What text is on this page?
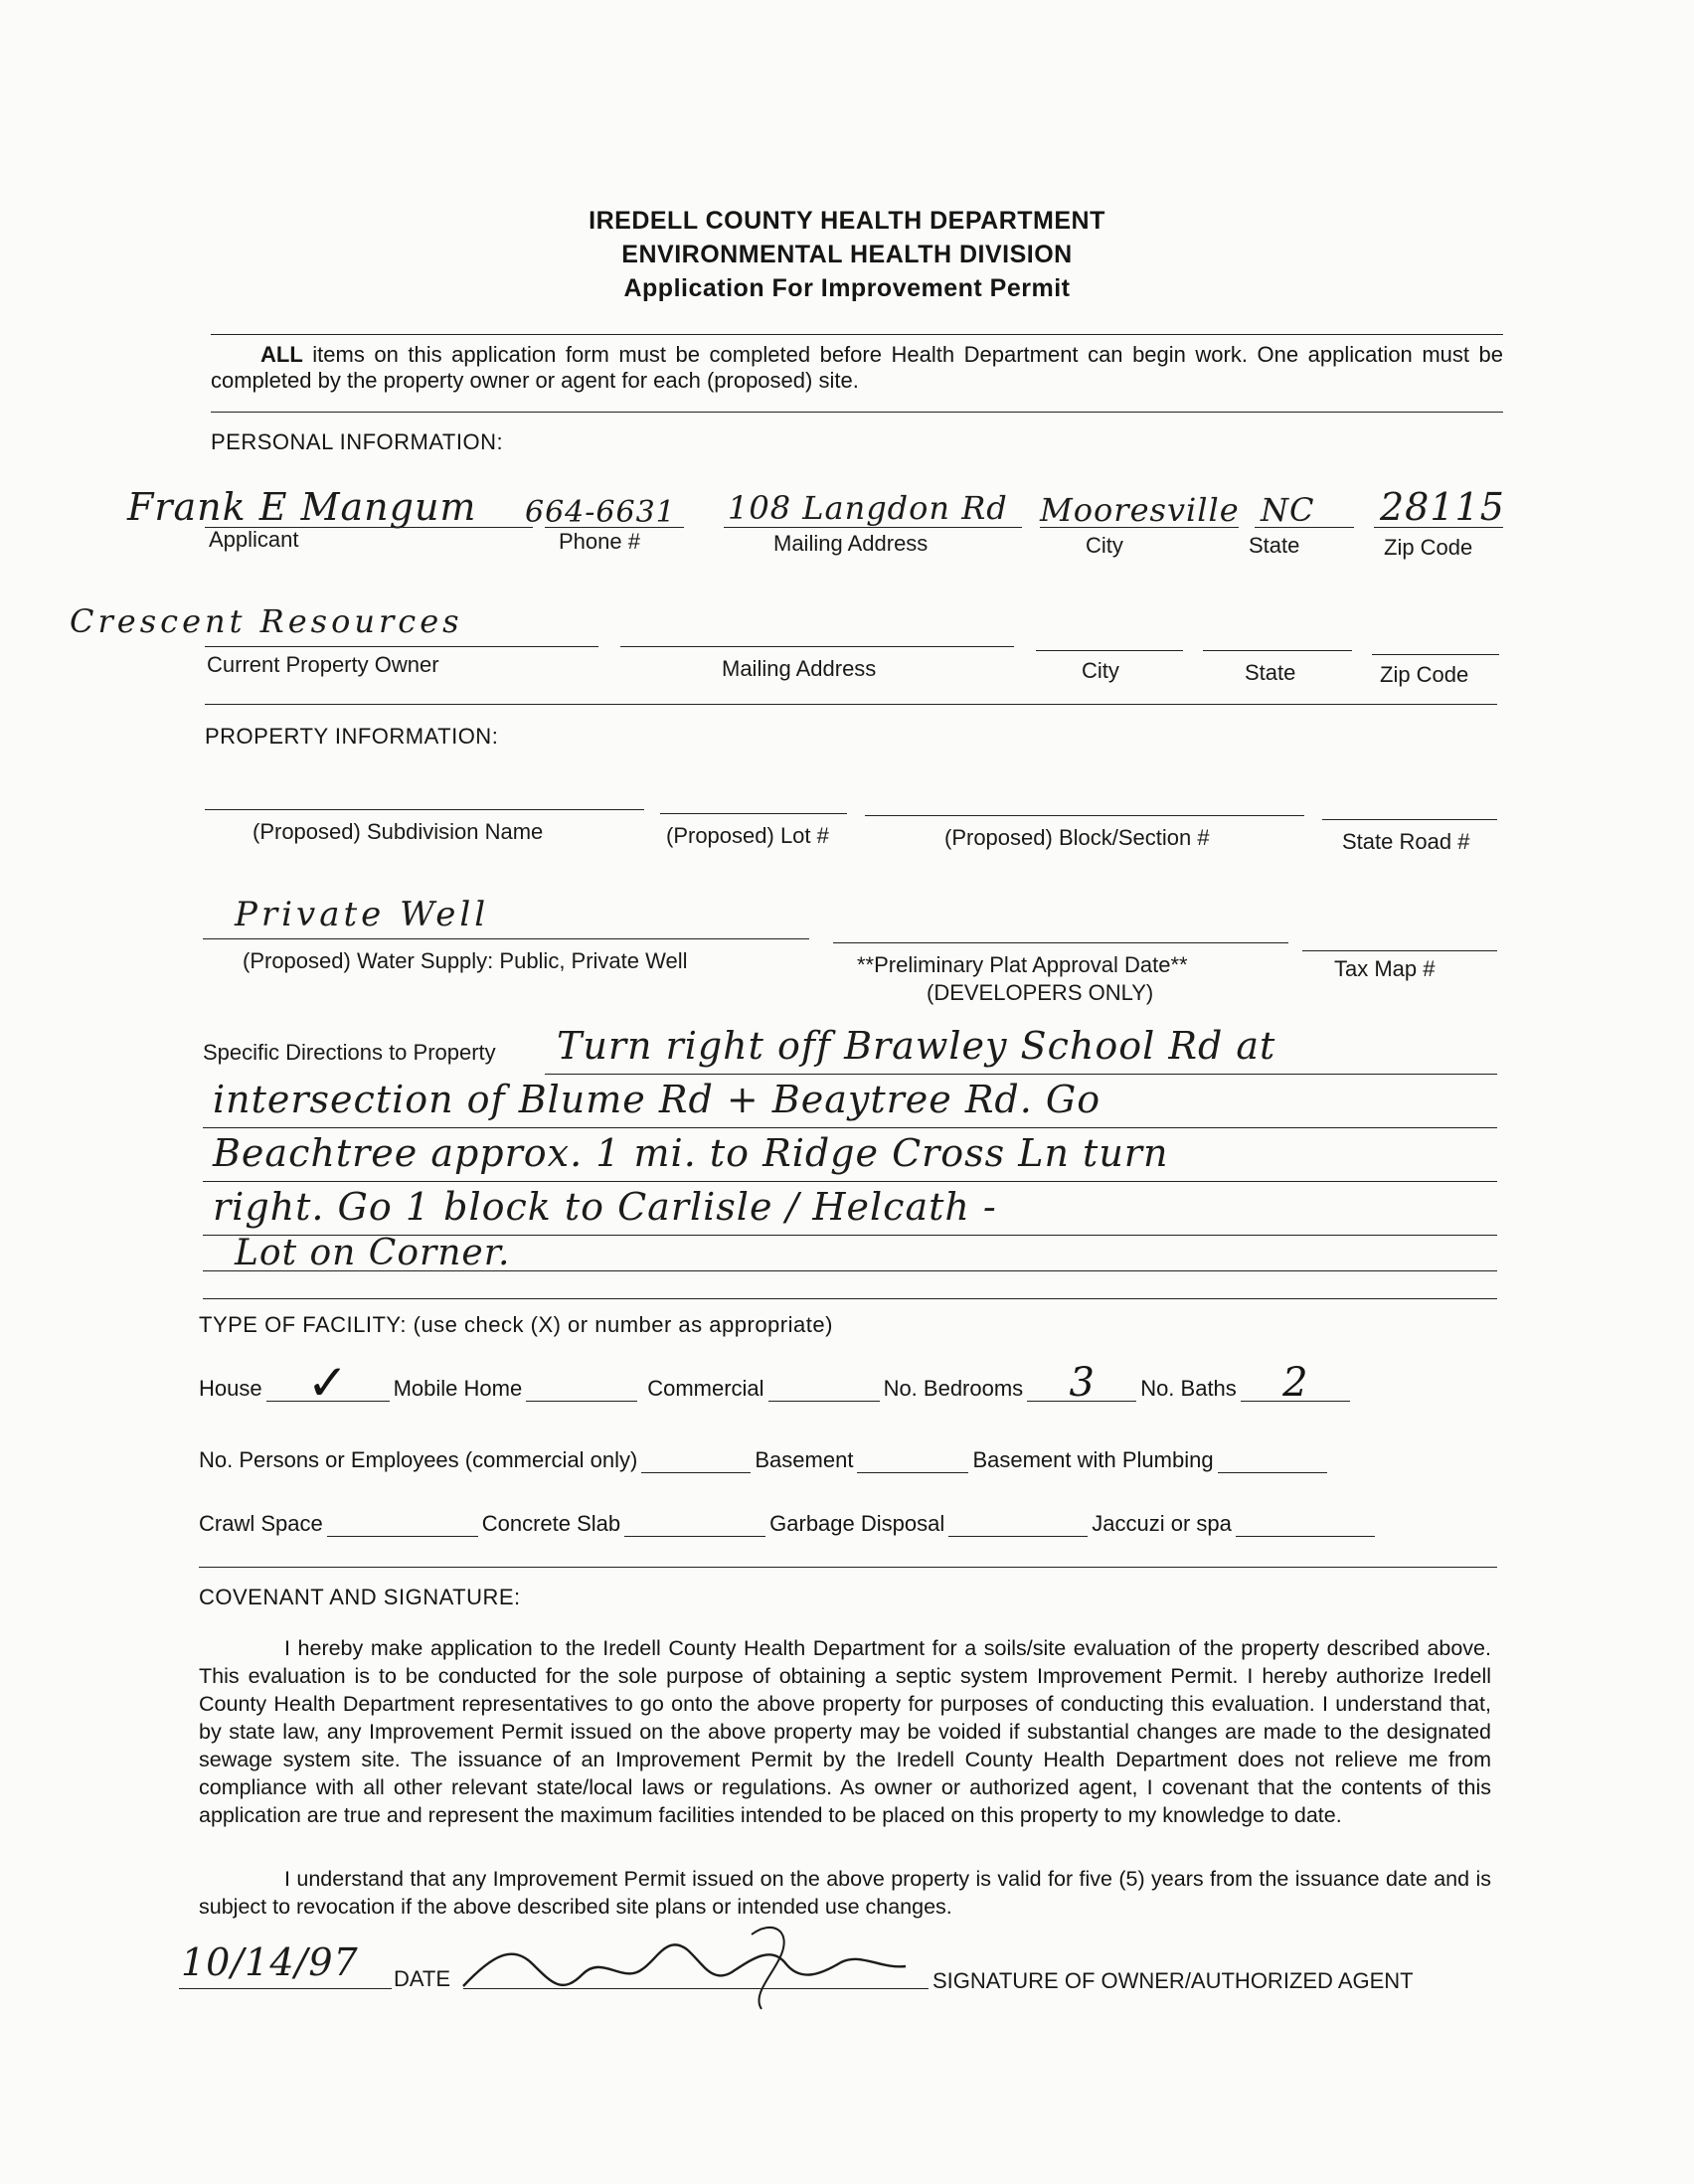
IREDELL COUNTY HEALTH DEPARTMENT
ENVIRONMENTAL HEALTH DIVISION
Application For Improvement Permit
ALL items on this application form must be completed before Health Department can begin work. One application must be completed by the property owner or agent for each (proposed) site.
PERSONAL INFORMATION:
Frank E Mangum 664-6631 108 Langdon Rd Mooresville NC 28115
Applicant	Phone #	Mailing Address	City	State	Zip Code
Crescent Resources
Current Property Owner	Mailing Address	City	State	Zip Code
PROPERTY INFORMATION:
(Proposed) Subdivision Name	(Proposed) Lot #	(Proposed) Block/Section #	State Road #
Private Well
(Proposed) Water Supply: Public, Private Well	**Preliminary Plat Approval Date**
(DEVELOPERS ONLY)
Tax Map #
Specific Directions to Property Turn right off Brawley School Rd at
intersection of Blume Rd + Beaytree Rd. Go
Beachtree approx. 1 mi. to Ridge Cross Ln turn
right. Go 1 block to Carlisle / Helcath -
Lot on Corner.
TYPE OF FACILITY: (use check (X) or number as appropriate)
House ✓	Mobile Home	Commercial	No. Bedrooms	3	No. Baths	2
No. Persons or Employees (commercial only)	Basement	Basement with Plumbing
Crawl Space	Concrete Slab	Garbage Disposal	Jaccuzi or spa
COVENANT AND SIGNATURE:
I hereby make application to the Iredell County Health Department for a soils/site evaluation of the property described above. This evaluation is to be conducted for the sole purpose of obtaining a septic system Improvement Permit. I hereby authorize Iredell County Health Department representatives to go onto the above property for purposes of conducting this evaluation. I understand that, by state law, any Improvement Permit issued on the above property may be voided if substantial changes are made to the designated sewage system site. The issuance of an Improvement Permit by the Iredell County Health Department does not relieve me from compliance with all other relevant state/local laws or regulations. As owner or authorized agent, I covenant that the contents of this application are true and represent the maximum facilities intended to be placed on this property to my knowledge to date.
I understand that any Improvement Permit issued on the above property is valid for five (5) years from the issuance date and is subject to revocation if the above described site plans or intended use changes.
10/14/97 DATE	SIGNATURE OF OWNER/AUTHORIZED AGENT
